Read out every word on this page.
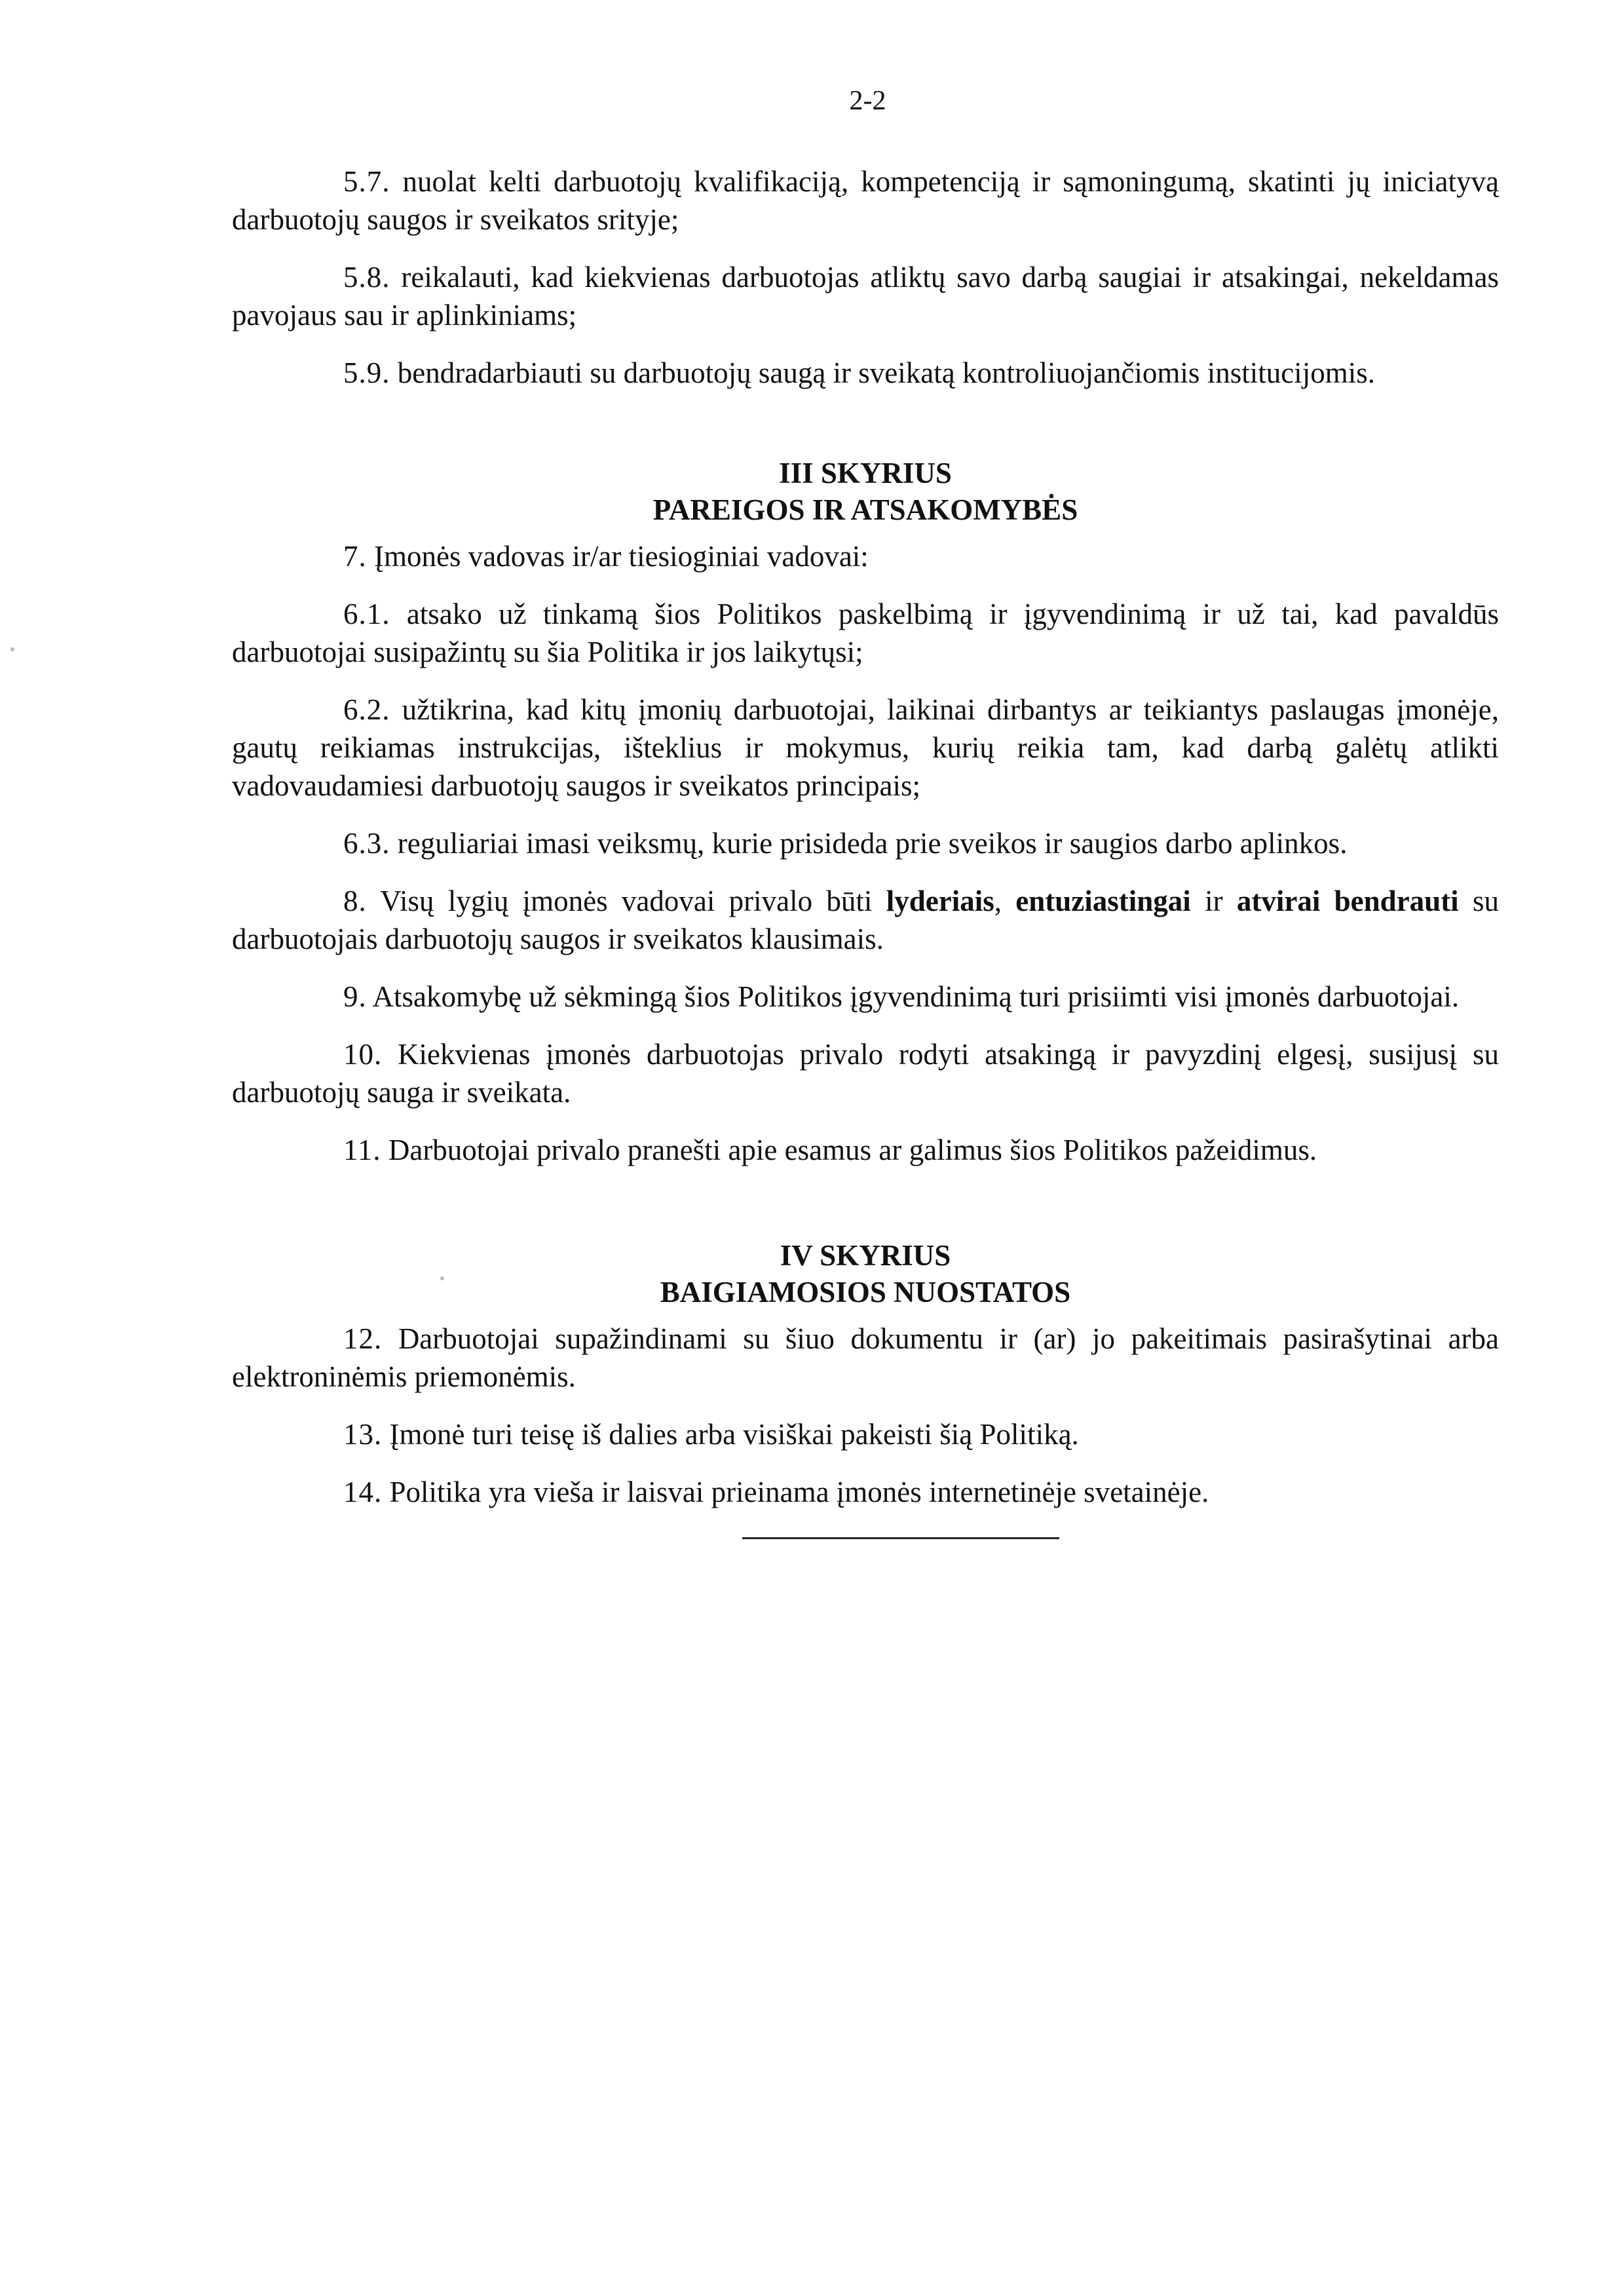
2-2

5.7. nuolat kelti darbuotojų kvalifikaciją, kompetenciją ir sąmoningumą, skatinti jų iniciatyvą darbuotojų saugos ir sveikatos srityje;

5.8. reikalauti, kad kiekvienas darbuotojas atliktų savo darbą saugiai ir atsakingai, nekeldamas pavojaus sau ir aplinkiniams;

5.9. bendradarbiauti su darbuotojų saugą ir sveikatą kontroliuojančiomis institucijomis.

III SKYRIUS
PAREIGOS IR ATSAKOMYBĖS

7. Įmonės vadovas ir/ar tiesioginiai vadovai:

6.1. atsako už tinkamą šios Politikos paskelbimą ir įgyvendinimą ir už tai, kad pavaldūs darbuotojai susipažintų su šia Politika ir jos laikytųsi;

6.2. užtikrina, kad kitų įmonių darbuotojai, laikinai dirbantys ar teikiantys paslaugas įmonėje, gautų reikiamas instrukcijas, išteklius ir mokymus, kurių reikia tam, kad darbą galėtų atlikti vadovaudamiesi darbuotojų saugos ir sveikatos principais;

6.3. reguliariai imasi veiksmų, kurie prisideda prie sveikos ir saugios darbo aplinkos.

8. Visų lygių įmonės vadovai privalo būti lyderiais, entuziastingai ir atvirai bendrauti su darbuotojais darbuotojų saugos ir sveikatos klausimais.

9. Atsakomybę už sėkmingą šios Politikos įgyvendinimą turi prisiimti visi įmonės darbuotojai.

10. Kiekvienas įmonės darbuotojas privalo rodyti atsakingą ir pavyzdinį elgesį, susijusį su darbuotojų sauga ir sveikata.

11. Darbuotojai privalo pranešti apie esamus ar galimus šios Politikos pažeidimus.

IV SKYRIUS
BAIGIAMOSIOS NUOSTATOS

12. Darbuotojai supažindinami su šiuo dokumentu ir (ar) jo pakeitimais pasirašytinai arba elektroninėmis priemonėmis.

13. Įmonė turi teisę iš dalies arba visiškai pakeisti šią Politiką.

14. Politika yra vieša ir laisvai prieinama įmonės internetinėje svetainėje.
